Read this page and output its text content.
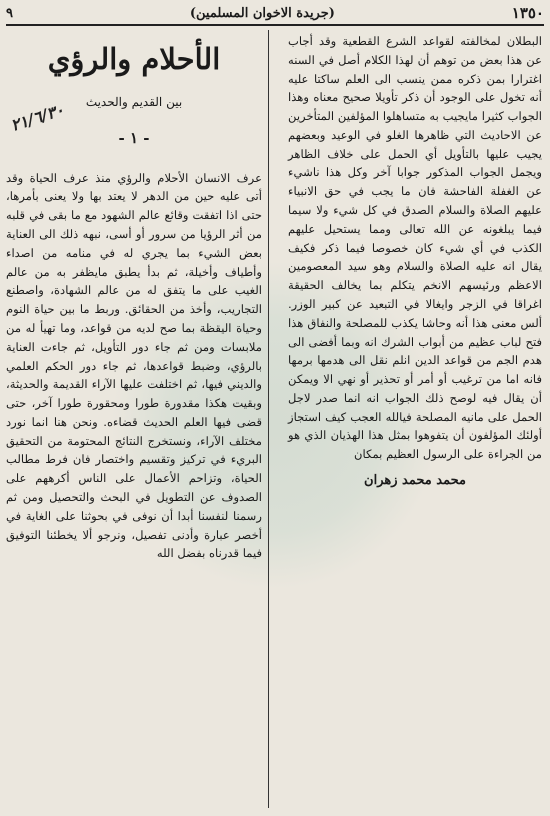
١٣٥٠
(جريدة الاخوان المسلمين)
٩

البطلان لمخالفته لقواعد الشرع القطعية وقد أجاب عن هذا بعض من توهم أن لهذا الكلام أصل في السنه اغترارا بمن ذكره ممن ينسب الى العلم ساكتا عليه أنه تخول على الوجود أن ذكر تأويلا صحيح معناه وهذا الجواب كثيرا مايجيب به متساهلوا المؤلفين المتأخرين عن الاحاديث التي ظاهرها الغلو في الوعيد وبعضهم يجيب عليها بالتأويل أي الحمل على خلاف الظاهر ويجمل الجواب المذكور جوابا آخر وكل هذا ناشيء عن الغفلة الفاحشة فان ما يجب في حق الانبياء عليهم الصلاة والسلام الصدق في كل شيء ولا سيما فيما يبلغونه عن الله تعالى ومما يستحيل عليهم الكذب في أي شيء كان خصوصا فيما ذكر فكيف يقال انه عليه الصلاة والسلام وهو سيد المعصومين الاعظم ورئيسهم الانخم يتكلم بما يخالف الحقيقة اغراقا في الزجر وايغالا في التبعيد عن كبير الوزر. ألس معنى هذا أنه وحاشا يكذب للمصلحة والنفاق هذا فتح لباب عظيم من أبواب الشرك انه وبما أفضى الى هدم الجم من قواعد الدين انلم نقل الى هدمها برمها فانه اما من ترغيب أو أمر أو تحذير أو نهي الا ويمكن أن يقال فيه لوصح ذلك الجواب انه انما صدر لاجل الحمل على مانيه المصلحة فيالله العجب كيف استجاز أولئك المؤلفون أن يتفوهوا بمثل هذا الهذيان الذي هو من الجراءة على الرسول العظيم بمكان

محمد محمد زهران
الأحلام والرؤي
بين القديم والحديث
- ١ -

عرف الانسان الأحلام والرؤي منذ عرف الحياة وقد أتى عليه حين من الدهر لا يعتد بها ولا يعنى بأمرها، حتى اذا اتفقت وقائع عالم الشهود مع ما بقى في قلبه من أثر الرؤيا من سرور أو أسى، نبهه ذلك الى العناية بعض الشيء بما يجري له في منامه من اصداء وأطياف وأخيلة، ثم بدأ يطبق مايظفر به من عالم الغيب على ما يتفق له من عالم الشهادة، واصطنع التجاريب، وأخذ من الحقائق. وربط ما بين حياة النوم وحياة اليقظة بما صح لديه من قواعد، وما تهيأ له من ملابسات ومن ثم جاء دور التأويل، ثم جاءت العناية بالرؤي، وضبط قواعدها، ثم جاء دور الحكم العلمي والديني فيها، ثم اختلفت عليها الآراء القديمة والحديثة، وبقيت هكذا مقدورة طورا ومحقورة طورا آخر، حتى قضى فيها العلم الحديث قضاءه. ونحن هنا انما نورد مختلف الآراء، ونستخرج النتائج المحتومة من التحقيق البريء في تركيز وتقسيم واختصار فان فرط مطالب الحياة، وتزاحم الأعمال على الناس أكرههم على الصدوف عن التطويل في البحث والتحصيل ومن ثم رسمنا لنفسنا أبدا أن نوفى في بحوثنا على الغاية في أخصر عبارة وأدنى تفصيل، ونرجو ألا يخطئنا التوفيق فيما قدرناه بفضل الله

٢١/٦/٣٠
